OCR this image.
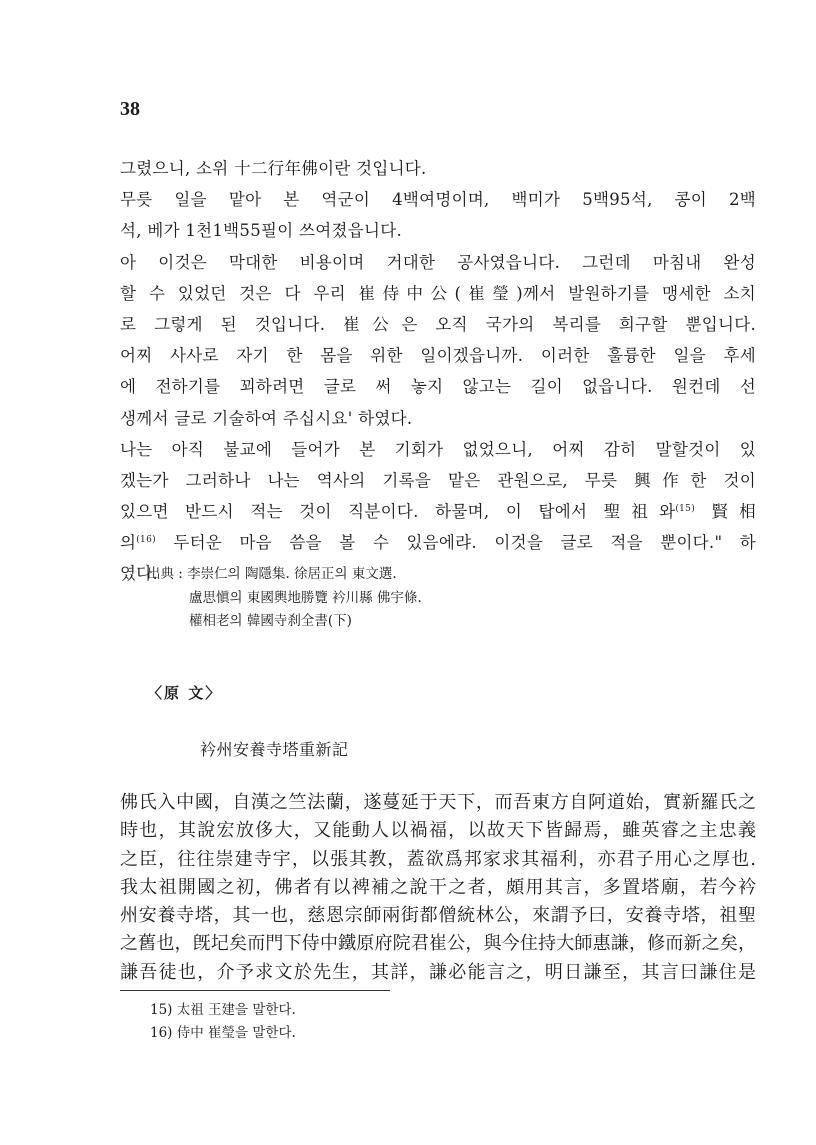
38
그렸으니, 소위 十二行年佛이란 것입니다.
무릇 일을 맡아 본 역군이 4백여명이며, 백미가 5백95석, 콩이 2백
석, 베가 1천1백55필이 쓰여졌읍니다.
아 이것은 막대한 비용이며 거대한 공사였읍니다. 그런데 마침내 완성
할 수 있었던 것은 다 우리 崔侍中公(崔瑩)께서 발원하기를 맹세한 소치
로 그렇게 된 것입니다. 崔公은 오직 국가의 복리를 희구할 뿐입니다.
어찌 사사로 자기 한 몸을 위한 일이겠읍니까. 이러한 훌륭한 일을 후세
에 전하기를 꾀하려면 글로 써 놓지 않고는 길이 없읍니다. 원컨데 선
생께서 글로 기술하여 주십시요' 하였다.
나는 아직 불교에 들어가 본 기회가 없었으니, 어찌 감히 말할것이 있
겠는가 그러하나 나는 역사의 기록을 맡은 관원으로, 무릇 興作한 것이
있으면 반드시 적는 것이 직분이다. 하물며, 이 탑에서 聖祖와$^{(15)}$ 賢相
의$^{(16)}$ 두터운 마음 씀을 볼 수 있음에랴. 이것을 글로 적을 뿐이다." 하
였다.
出典 : 李崇仁의 陶隱集. 徐居正의 東文選.
盧思愼의 東國輿地勝覽 衿川縣 佛宇條.
權相老의 韓國寺刹全書(下)
〈原 文〉
衿州安養寺塔重新記
佛氏入中國，自漢之竺法蘭，遂蔓延于天下，而吾東方自阿道始，實新羅氏之
時也，其說宏放侈大，又能動人以禍福，以故天下皆歸焉，雖英睿之主忠義
之臣，往往崇建寺宇，以張其教，蓋欲爲邦家求其福利，亦君子用心之厚也.
我太祖開國之初，佛者有以裨補之說干之者，頗用其言，多置塔廟，若今衿
州安養寺塔，其一也，慈恩宗師兩街都僧統林公，來謂予曰，安養寺塔，祖聖
之舊也，旣圮矣而門下侍中鐵原府院君崔公，與今住持大師惠謙，修而新之矣，
謙吾徒也，介予求文於先生，其詳，謙必能言之，明日謙至，其言曰謙住是
15) 太祖 王建을 말한다.
16) 侍中 崔瑩을 말한다.
